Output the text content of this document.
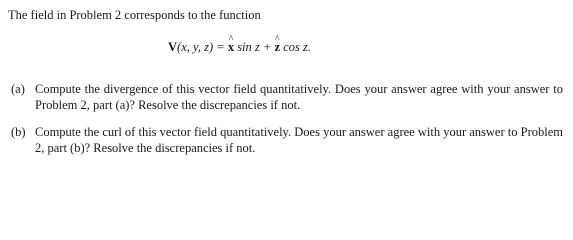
The field in Problem 2 corresponds to the function
V(x, y, z) = ^ x sin z + ^ z cos z.
(a) Compute the divergence of this vector field quantitatively. Does your answer agree with your answer to Problem 2, part (a)? Resolve the discrepancies if not.
(b) Compute the curl of this vector field quantitatively. Does your answer agree with your answer to Problem 2, part (b)? Resolve the discrepancies if not.
